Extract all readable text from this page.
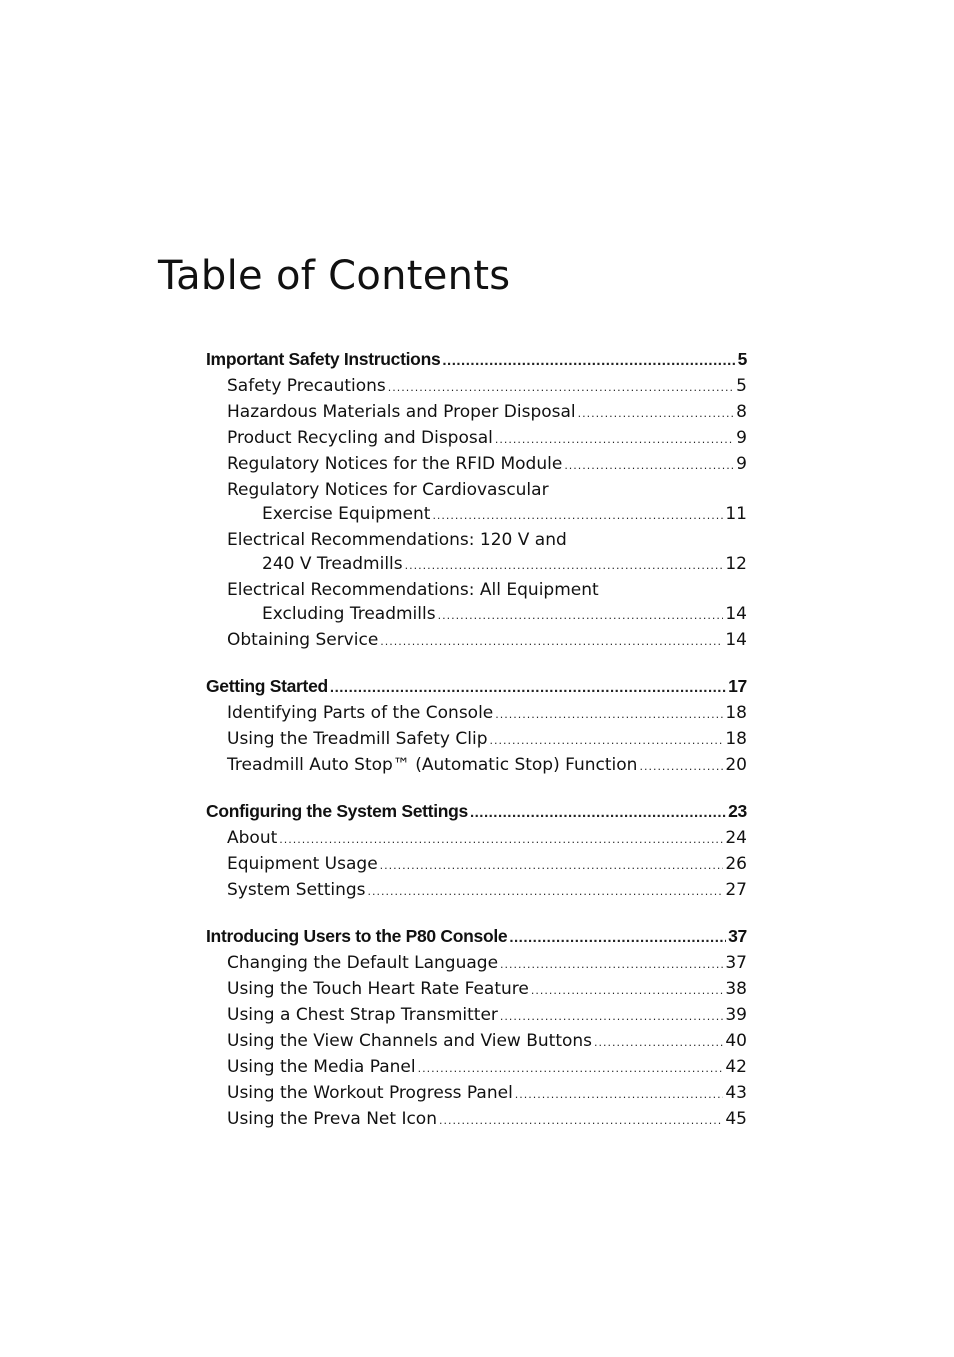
Table of Contents
Important Safety Instructions .....	5
Safety Precautions .....	5
Hazardous Materials and Proper Disposal .....	8
Product Recycling and Disposal .....	9
Regulatory Notices for the RFID Module .....	9
Regulatory Notices for Cardiovascular
Exercise Equipment .....	11
Electrical Recommendations: 120 V and
240 V Treadmills .....	12
Electrical Recommendations: All Equipment
Excluding Treadmills .....	14
Obtaining Service .....	14
Getting Started .....	17
Identifying Parts of the Console .....	18
Using the Treadmill Safety Clip .....	18
Treadmill Auto Stop™ (Automatic Stop) Function .....	20
Configuring the System Settings .....	23
About .....	24
Equipment Usage .....	26
System Settings .....	27
Introducing Users to the P80 Console .....	37
Changing the Default Language .....	37
Using the Touch Heart Rate Feature .....	38
Using a Chest Strap Transmitter .....	39
Using the View Channels and View Buttons .....	40
Using the Media Panel .....	42
Using the Workout Progress Panel .....	43
Using the Preva Net Icon .....	45
